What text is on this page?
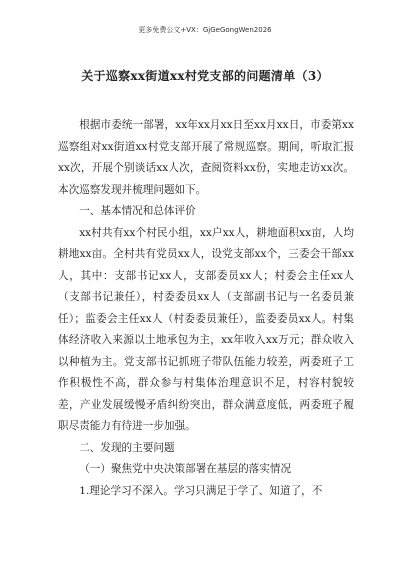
更多免费公文+VX：GjGeGongWen2026
关于巡察xx街道xx村党支部的问题清单（3）

根据市委统一部署，xx年xx月xx日至xx月xx日，市委第xx巡察组对xx街道xx村党支部开展了常规巡察。期间，听取汇报xx次，开展个别谈话xx人次，查阅资料xx份，实地走访xx次。本次巡察发现并梳理问题如下。

一、基本情况和总体评价

xx村共有xx个村民小组，xx户xx人，耕地面积xx亩，人均耕地xx亩。全村共有党员xx人，设党支部xx个，三委会干部xx人，其中：支部书记xx人，支部委员xx人；村委会主任xx人（支部书记兼任），村委委员xx人（支部副书记与一名委员兼任）；监委会主任xx人（村委委员兼任），监委委员xx人。村集体经济收入来源以土地承包为主，xx年收入xx万元；群众收入以种植为主。党支部书记抓班子带队伍能力较差，两委班子工作积极性不高，群众参与村集体治理意识不足，村容村貌较差，产业发展缓慢矛盾纠纷突出，群众满意度低，两委班子履职尽责能力有待进一步加强。

二、发现的主要问题

（一）聚焦党中央决策部署在基层的落实情况

1.理论学习不深入。学习只满足于学了、知道了，不
